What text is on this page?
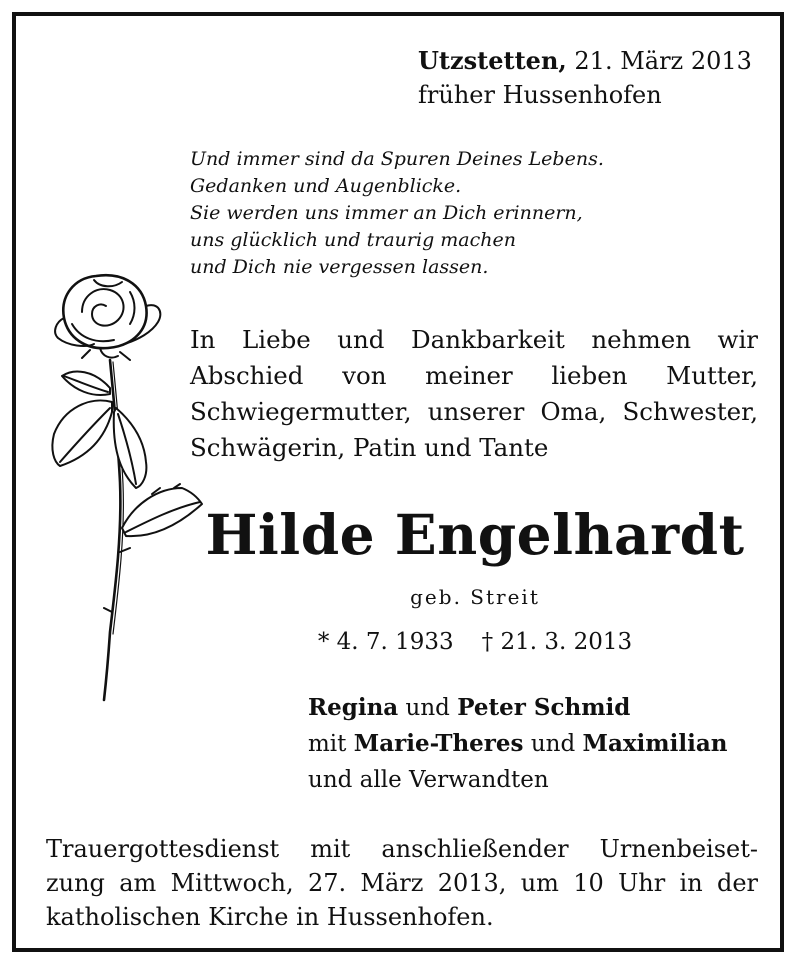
Utzstetten, 21. März 2013
früher Hussenhofen
Und immer sind da Spuren Deines Lebens.
Gedanken und Augenblicke.
Sie werden uns immer an Dich erinnern,
uns glücklich und traurig machen
und Dich nie vergessen lassen.
In Liebe und Dankbarkeit nehmen wir
Abschied von meiner lieben Mutter,
Schwiegermutter, unserer Oma, Schwester,
Schwägerin, Patin und Tante
Hilde Engelhardt
geb. Streit
* 4. 7. 1933 † 21. 3. 2013
Regina und Peter Schmid
mit Marie-Theres und Maximilian
und alle Verwandten
Trauergottesdienst mit anschließender Urnenbeiset-
zung am Mittwoch, 27. März 2013, um 10 Uhr in der
katholischen Kirche in Hussenhofen.
